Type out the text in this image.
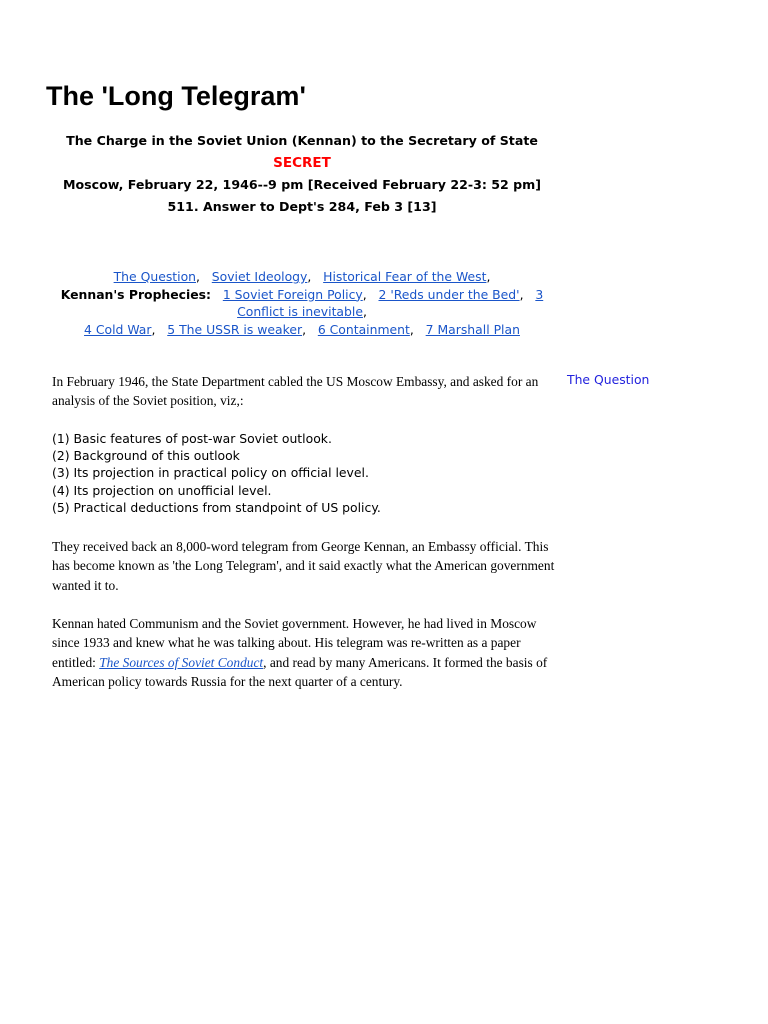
The 'Long Telegram'
The Charge in the Soviet Union (Kennan) to the Secretary of State
SECRET
Moscow, February 22, 1946--9 pm [Received February 22-3: 52 pm]
511. Answer to Dept's 284, Feb 3 [13]
The Question,   Soviet Ideology,   Historical Fear of the West,
Kennan's Prophecies: 1 Soviet Foreign Policy,   2 'Reds under the Bed',   3 Conflict is inevitable,
4 Cold War,   5 The USSR is weaker,   6 Containment,   7 Marshall Plan
The Question

In February 1946, the State Department cabled the US Moscow Embassy, and asked for an analysis of the Soviet position, viz,:

(1) Basic features of post-war Soviet outlook.
(2) Background of this outlook
(3) Its projection in practical policy on official level.
(4) Its projection on unofficial level.
(5) Practical deductions from standpoint of US policy.

They received back an 8,000-word telegram from George Kennan, an Embassy official. This has become known as 'the Long Telegram', and it said exactly what the American government wanted it to.

Kennan hated Communism and the Soviet government. However, he had lived in Moscow since 1933 and knew what he was talking about. His telegram was re-written as a paper entitled: The Sources of Soviet Conduct, and read by many Americans. It formed the basis of American policy towards Russia for the next quarter of a century.
